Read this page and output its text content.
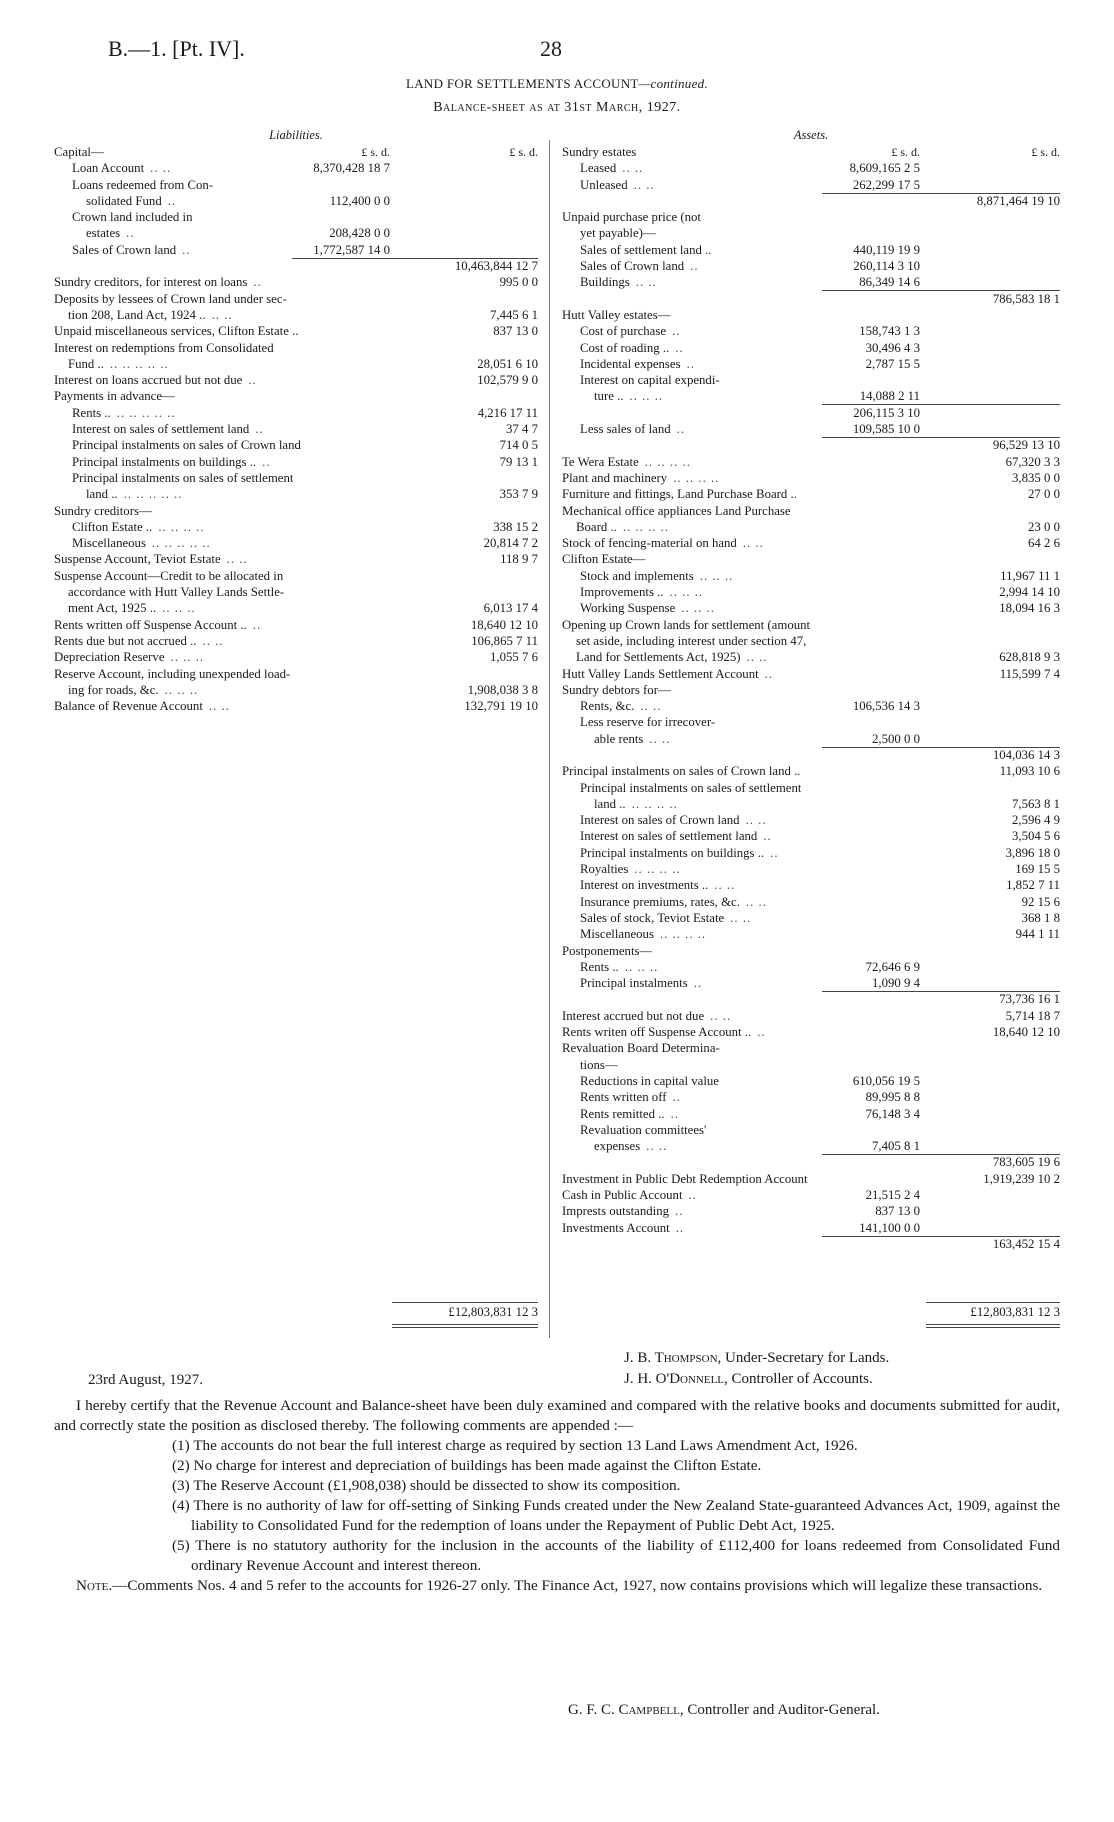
B.—1. [Pt. IV].	28
LAND FOR SETTLEMENTS ACCOUNT—continued.
Balance-sheet as at 31st March, 1927.
Liabilities.
Capital—	£ s. d.	£ s. d.
Loan Account .. ..	8,370,428 18 7
Loans redeemed from Con-
solidated Fund ..	112,400 0 0
Crown land included in
estates ..	208,428 0 0
Sales of Crown land ..	1,772,587 14 0
10,463,844 12 7
Sundry creditors, for interest on loans ..	995 0 0
Deposits by lessees of Crown land under sec-
tion 208, Land Act, 1924 .. .. ..	7,445 6 1
Unpaid miscellaneous services, Clifton Estate ..	837 13 0
Interest on redemptions from Consolidated
Fund .. .. .. .. .. ..	28,051 6 10
Interest on loans accrued but not due ..	102,579 9 0
Payments in advance—
Rents .. .. .. .. .. ..	4,216 17 11
Interest on sales of settlement land ..	37 4 7
Principal instalments on sales of Crown land	714 0 5
Principal instalments on buildings .. ..	79 13 1
Principal instalments on sales of settlement
land .. .. .. .. .. ..	353 7 9
Sundry creditors—
Clifton Estate .. .. .. .. ..	338 15 2
Miscellaneous .. .. .. .. ..	20,814 7 2
Suspense Account, Teviot Estate .. ..	118 9 7
Suspense Account—Credit to be allocated in
accordance with Hutt Valley Lands Settle-
ment Act, 1925 .. .. .. ..	6,013 17 4
Rents written off Suspense Account .. ..	18,640 12 10
Rents due but not accrued .. .. ..	106,865 7 11
Depreciation Reserve .. .. ..	1,055 7 6
Reserve Account, including unexpended load-
ing for roads, &c. .. .. ..	1,908,038 3 8
Balance of Revenue Account .. ..	132,791 19 10
£12,803,831 12 3
Assets.
Sundry estates	£ s. d.	£ s. d.
Leased .. ..	8,609,165 2 5
Unleased .. ..	262,299 17 5
8,871,464 19 10
Unpaid purchase price (not
yet payable)—
Sales of settlement land ..	440,119 19 9
Sales of Crown land ..	260,114 3 10
Buildings .. ..	86,349 14 6
786,583 18 1
Hutt Valley estates—
Cost of purchase ..	158,743 1 3
Cost of roading .. ..	30,496 4 3
Incidental expenses ..	2,787 15 5
Interest on capital expendi-
ture .. .. .. ..	14,088 2 11
206,115 3 10
Less sales of land ..	109,585 10 0
96,529 13 10
Te Wera Estate .. .. .. ..	67,320 3 3
Plant and machinery .. .. .. ..	3,835 0 0
Furniture and fittings, Land Purchase Board ..	27 0 0
Mechanical office appliances Land Purchase
Board .. .. .. .. ..	23 0 0
Stock of fencing-material on hand .. ..	64 2 6
Clifton Estate—
Stock and implements .. .. ..	11,967 11 1
Improvements .. .. .. ..	2,994 14 10
Working Suspense .. .. ..	18,094 16 3
Opening up Crown lands for settlement (amount
set aside, including interest under section 47,
Land for Settlements Act, 1925) .. ..	628,818 9 3
Hutt Valley Lands Settlement Account ..	115,599 7 4
Sundry debtors for—
Rents, &c. .. ..	106,536 14 3
Less reserve for irrecover-
able rents .. ..	2,500 0 0
104,036 14 3
Principal instalments on sales of Crown land ..	11,093 10 6
Principal instalments on sales of settlement
land .. .. .. .. ..	7,563 8 1
Interest on sales of Crown land .. ..	2,596 4 9
Interest on sales of settlement land ..	3,504 5 6
Principal instalments on buildings .. ..	3,896 18 0
Royalties .. .. .. ..	169 15 5
Interest on investments .. .. ..	1,852 7 11
Insurance premiums, rates, &c. .. ..	92 15 6
Sales of stock, Teviot Estate .. ..	368 1 8
Miscellaneous .. .. .. ..	944 1 11
Postponements—
Rents .. .. .. ..	72,646 6 9
Principal instalments ..	1,090 9 4
73,736 16 1
Interest accrued but not due .. ..	5,714 18 7
Rents writen off Suspense Account .. ..	18,640 12 10
Revaluation Board Determina-
tions—
Reductions in capital value	610,056 19 5
Rents written off ..	89,995 8 8
Rents remitted .. ..	76,148 3 4
Revaluation committees'
expenses .. ..	7,405 8 1
783,605 19 6
Investment in Public Debt Redemption Account	1,919,239 10 2
Cash in Public Account ..	21,515 2 4
Imprests outstanding ..	837 13 0
Investments Account ..	141,100 0 0
163,452 15 4
£12,803,831 12 3
23rd August, 1927.
J. B. Thompson, Under-Secretary for Lands.
J. H. O'Donnell, Controller of Accounts.

I hereby certify that the Revenue Account and Balance-sheet have been duly examined and compared with the relative books and documents submitted for audit, and correctly state the position as disclosed thereby. The following comments are appended :—

(1) The accounts do not bear the full interest charge as required by section 13 Land Laws Amendment Act, 1926.

(2) No charge for interest and depreciation of buildings has been made against the Clifton Estate.

(3) The Reserve Account (£1,908,038) should be dissected to show its composition.

(4) There is no authority of law for off-setting of Sinking Funds created under the New Zealand State-guaranteed Advances Act, 1909, against the liability to Consolidated Fund for the redemption of loans under the Repayment of Public Debt Act, 1925.

(5) There is no statutory authority for the inclusion in the accounts of the liability of £112,400 for loans redeemed from Consolidated Fund ordinary Revenue Account and interest thereon.

Note.—Comments Nos. 4 and 5 refer to the accounts for 1926-27 only. The Finance Act, 1927, now contains provisions which will legalize these transactions.

G. F. C. Campbell, Controller and Auditor-General.
